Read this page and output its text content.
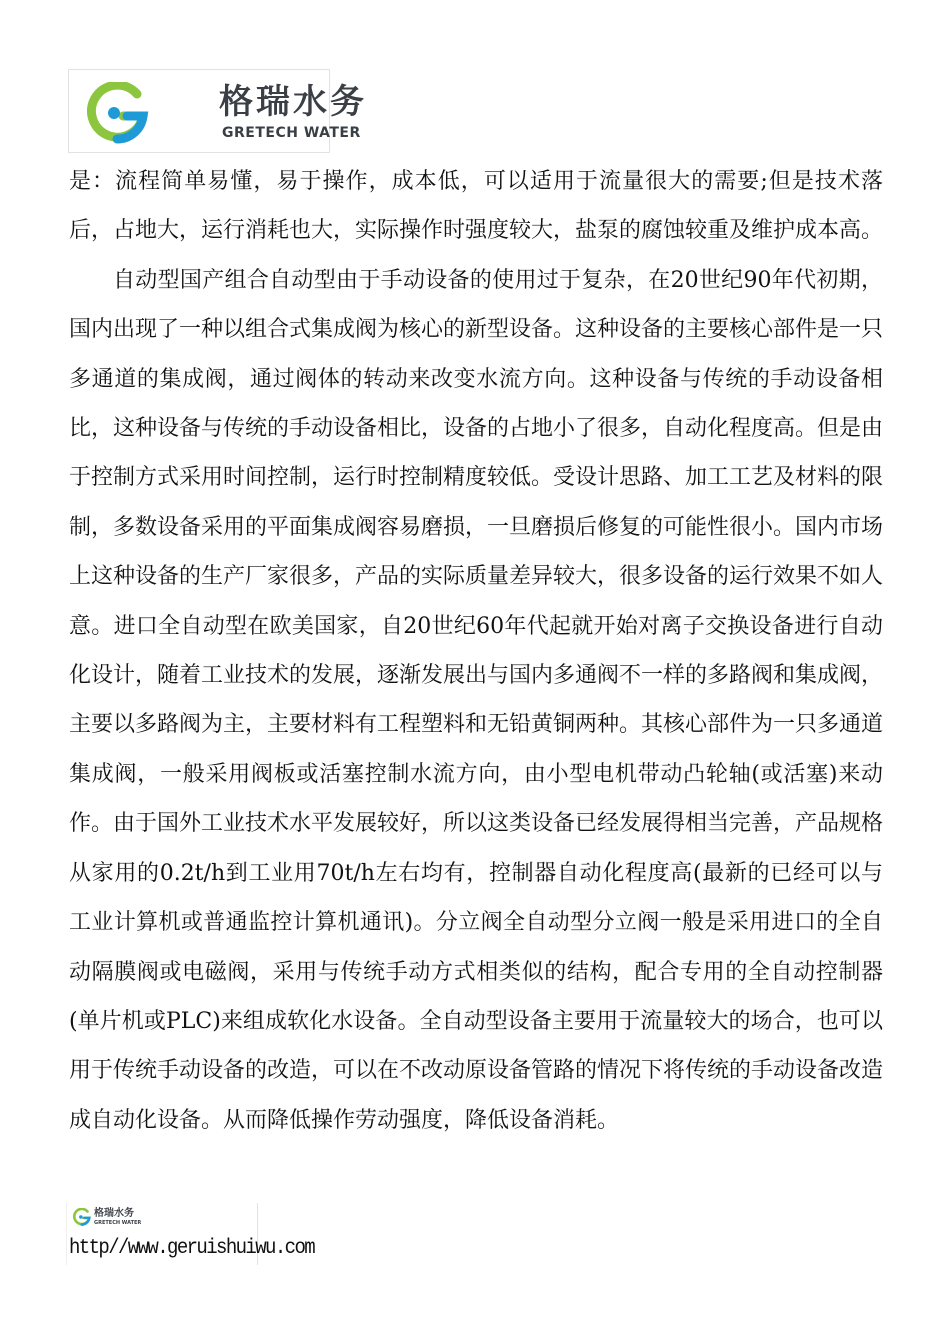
格瑞水务
GRETECH WATER

是：流程简单易懂，易于操作，成本低，可以适用于流量很大的需要;但是技术落后，占地大，运行消耗也大，实际操作时强度较大，盐泵的腐蚀较重及维护成本高。

自动型国产组合自动型由于手动设备的使用过于复杂，在20世纪90年代初期，国内出现了一种以组合式集成阀为核心的新型设备。这种设备的主要核心部件是一只多通道的集成阀，通过阀体的转动来改变水流方向。这种设备与传统的手动设备相比，这种设备与传统的手动设备相比，设备的占地小了很多，自动化程度高。但是由于控制方式采用时间控制，运行时控制精度较低。受设计思路、加工工艺及材料的限制，多数设备采用的平面集成阀容易磨损，一旦磨损后修复的可能性很小。国内市场上这种设备的生产厂家很多，产品的实际质量差异较大，很多设备的运行效果不如人意。进口全自动型在欧美国家，自20世纪60年代起就开始对离子交换设备进行自动化设计，随着工业技术的发展，逐渐发展出与国内多通阀不一样的多路阀和集成阀，主要以多路阀为主，主要材料有工程塑料和无铅黄铜两种。其核心部件为一只多通道集成阀，一般采用阀板或活塞控制水流方向，由小型电机带动凸轮轴(或活塞)来动作。由于国外工业技术水平发展较好，所以这类设备已经发展得相当完善，产品规格从家用的0.2t/h到工业用70t/h左右均有，控制器自动化程度高(最新的已经可以与工业计算机或普通监控计算机通讯)。分立阀全自动型分立阀一般是采用进口的全自动隔膜阀或电磁阀，采用与传统手动方式相类似的结构，配合专用的全自动控制器(单片机或PLC)来组成软化水设备。全自动型设备主要用于流量较大的场合，也可以用于传统手动设备的改造，可以在不改动原设备管路的情况下将传统的手动设备改造成自动化设备。从而降低操作劳动强度，降低设备消耗。

格瑞水务
GRETECH WATER
http//www.geruishuiwu.com
